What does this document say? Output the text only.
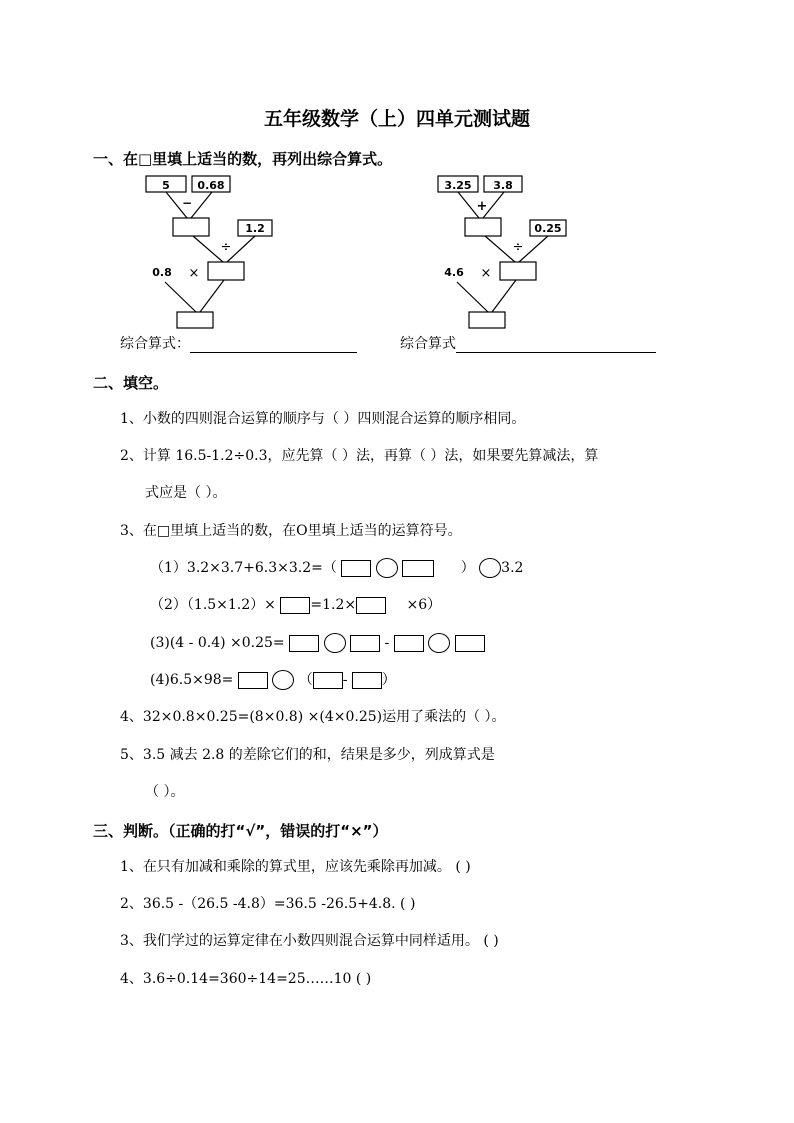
五年级数学（上）四单元测试题
一、在□里填上适当的数，再列出综合算式。
5	0.68
−
1.2
÷
0.8 ×
3.25 3.8
+
0.25
÷
4.6 ×
综合算式：	综合算式
二、填空。
1、小数的四则混合运算的顺序与（ ）四则混合运算的顺序相同。
2、计算 16.5-1.2÷0.3，应先算（ ）法，再算（ ）法，如果要先算减法，算
式应是（ ）。
3、在□里填上适当的数，在O里填上适当的运算符号。
（1）3.2×3.7+6.3×3.2=（	） 3.2
（2）（1.5×1.2）× =1.2×	×6）
(3)(4 - 0.4) ×0.25=	-
(4)6.5×98=	（ - ）
4、32×0.8×0.25=(8×0.8) ×(4×0.25)运用了乘法的（ ）。
5、3.5 减去 2.8 的差除它们的和，结果是多少，列成算式是
（ ）。
三、判断。（正确的打“√”，错误的打“×”）
1、在只有加减和乘除的算式里，应该先乘除再加减。 ( )
2、36.5 -（26.5 -4.8）=36.5 -26.5+4.8. ( )
3、我们学过的运算定律在小数四则混合运算中同样适用。 ( )
4、3.6÷0.14=360÷14=25……10 ( )
